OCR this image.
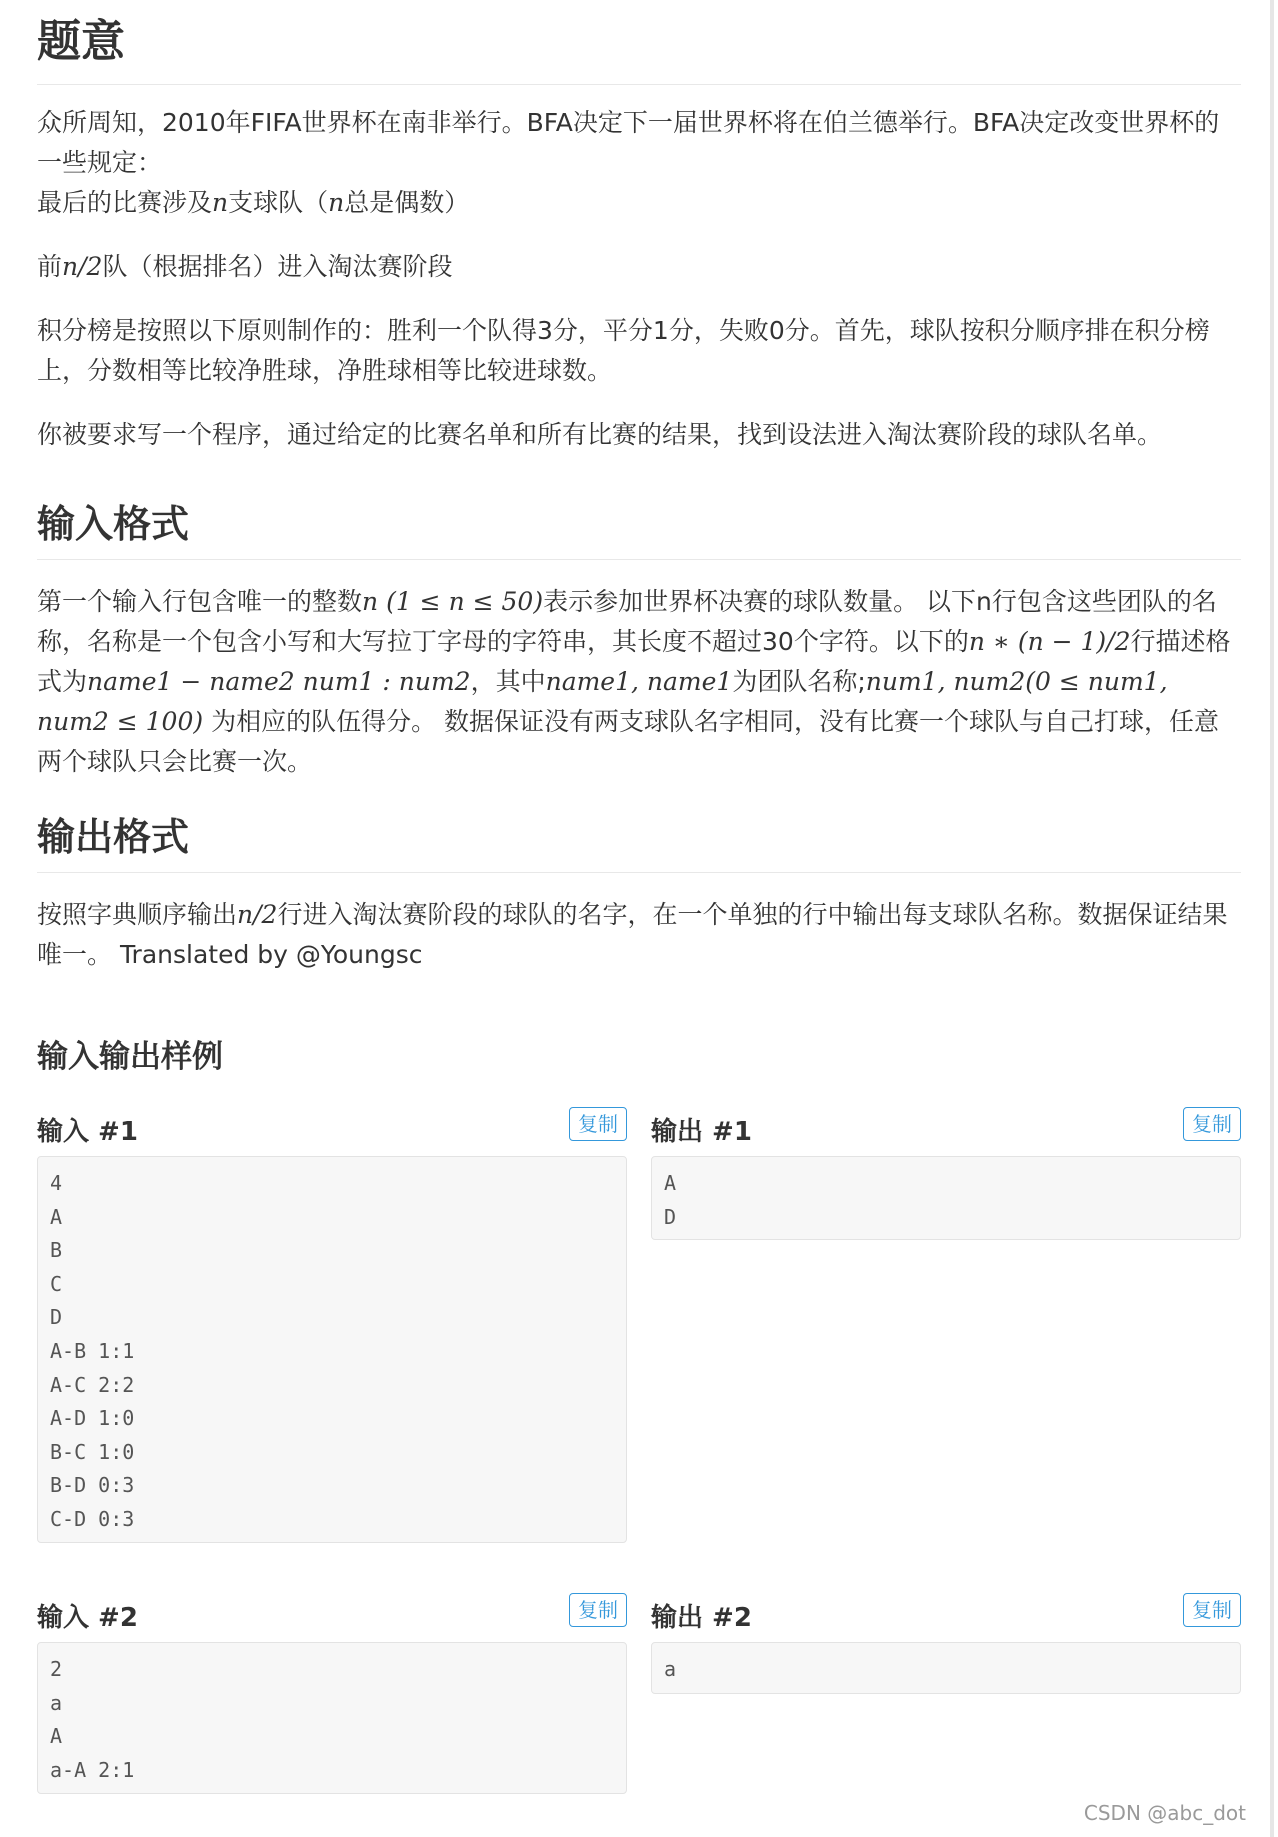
题意

众所周知，2010年FIFA世界杯在南非举行。BFA决定下一届世界杯将在伯兰德举行。BFA决定改变世界杯的一些规定：
最后的比赛涉及n支球队（n总是偶数）

前n/2队（根据排名）进入淘汰赛阶段

积分榜是按照以下原则制作的：胜利一个队得3分，平分1分，失败0分。首先，球队按积分顺序排在积分榜上，分数相等比较净胜球，净胜球相等比较进球数。

你被要求写一个程序，通过给定的比赛名单和所有比赛的结果，找到设法进入淘汰赛阶段的球队名单。

输入格式

第一个输入行包含唯一的整数n (1 ≤ n ≤ 50)表示参加世界杯决赛的球队数量。 以下n行包含这些团队的名称，名称是一个包含小写和大写拉丁字母的字符串，其长度不超过30个字符。以下的n ∗ (n − 1)/2行描述格式为name1 − name2 num1 : num2，其中name1, name1为团队名称;num1, num2(0 ≤ num1, num2 ≤ 100) 为相应的队伍得分。 数据保证没有两支球队名字相同，没有比赛一个球队与自己打球，任意两个球队只会比赛一次。

输出格式

按照字典顺序输出n/2行进入淘汰赛阶段的球队的名字，在一个单独的行中输出每支球队名称。数据保证结果唯一。 Translated by @Youngsc

输入输出样例
输入 #1	复制	输出 #1	复制
4
A
B
C
D
A-B 1:1
A-C 2:2
A-D 1:0
B-C 1:0
B-D 0:3
C-D 0:3
A
D
输入 #2	复制	输出 #2	复制
2
a
A
a-A 2:1
a
CSDN @abc_dot
